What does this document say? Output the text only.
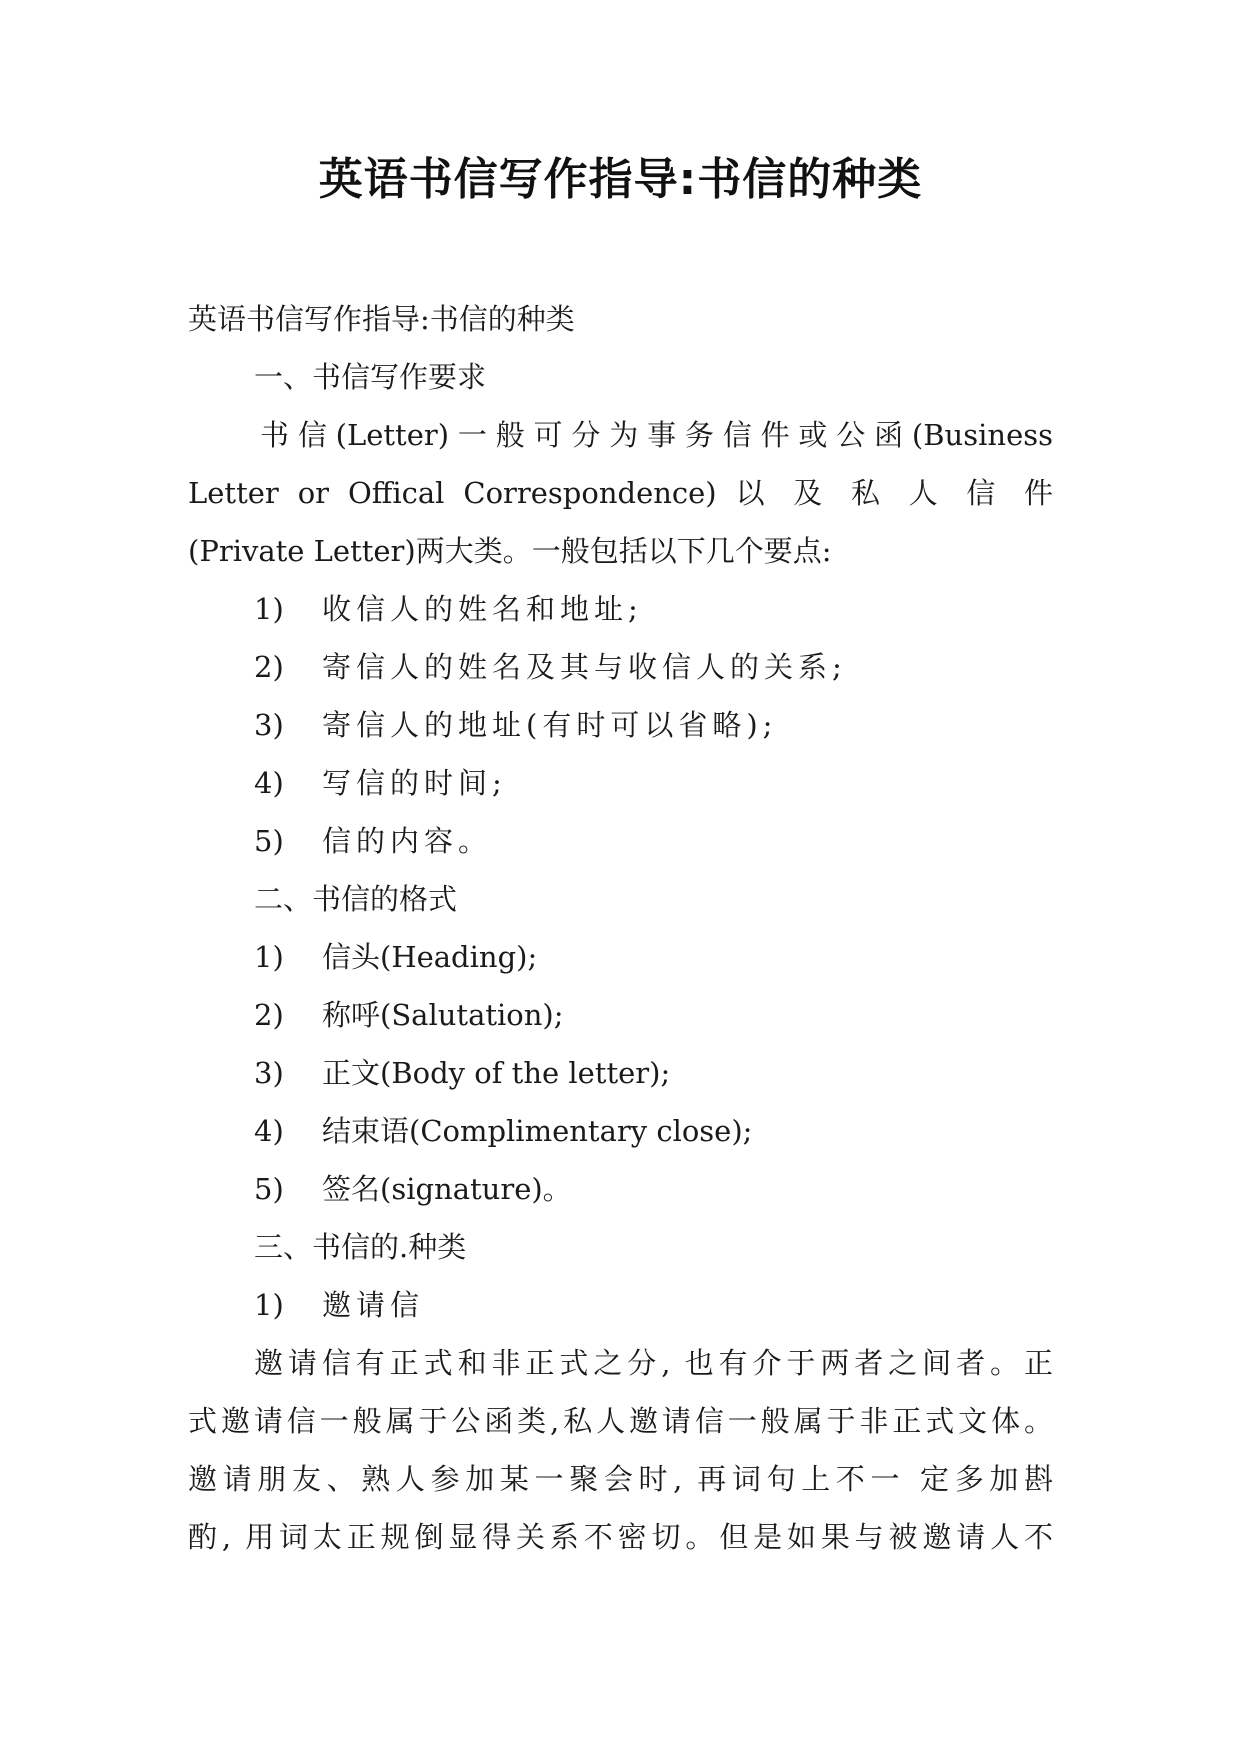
英语书信写作指导:书信的种类
英语书信写作指导:书信的种类
一、书信写作要求
书信(Letter)一般可分为事务信件或公函(Business
Letter or Offical Correspondence) 以 及 私 人 信 件
(Private Letter)两大类。一般包括以下几个要点:
1) 收信人的姓名和地址;
2) 寄信人的姓名及其与收信人的关系;
3) 寄信人的地址(有时可以省略);
4) 写信的时间;
5) 信的内容。
二、书信的格式
1) 信头(Heading);
2) 称呼(Salutation);
3) 正文(Body of the letter);
4) 结束语(Complimentary close);
5) 签名(signature)。
三、书信的.种类
1) 邀请信
邀请信有正式和非正式之分, 也有介于两者之间者。正
式邀请信一般属于公函类,私人邀请信一般属于非正式文体。
邀请朋友、熟人参加某一聚会时, 再词句上不一 定多加斟
酌, 用词太正规倒显得关系不密切。但是如果与被邀请人不
